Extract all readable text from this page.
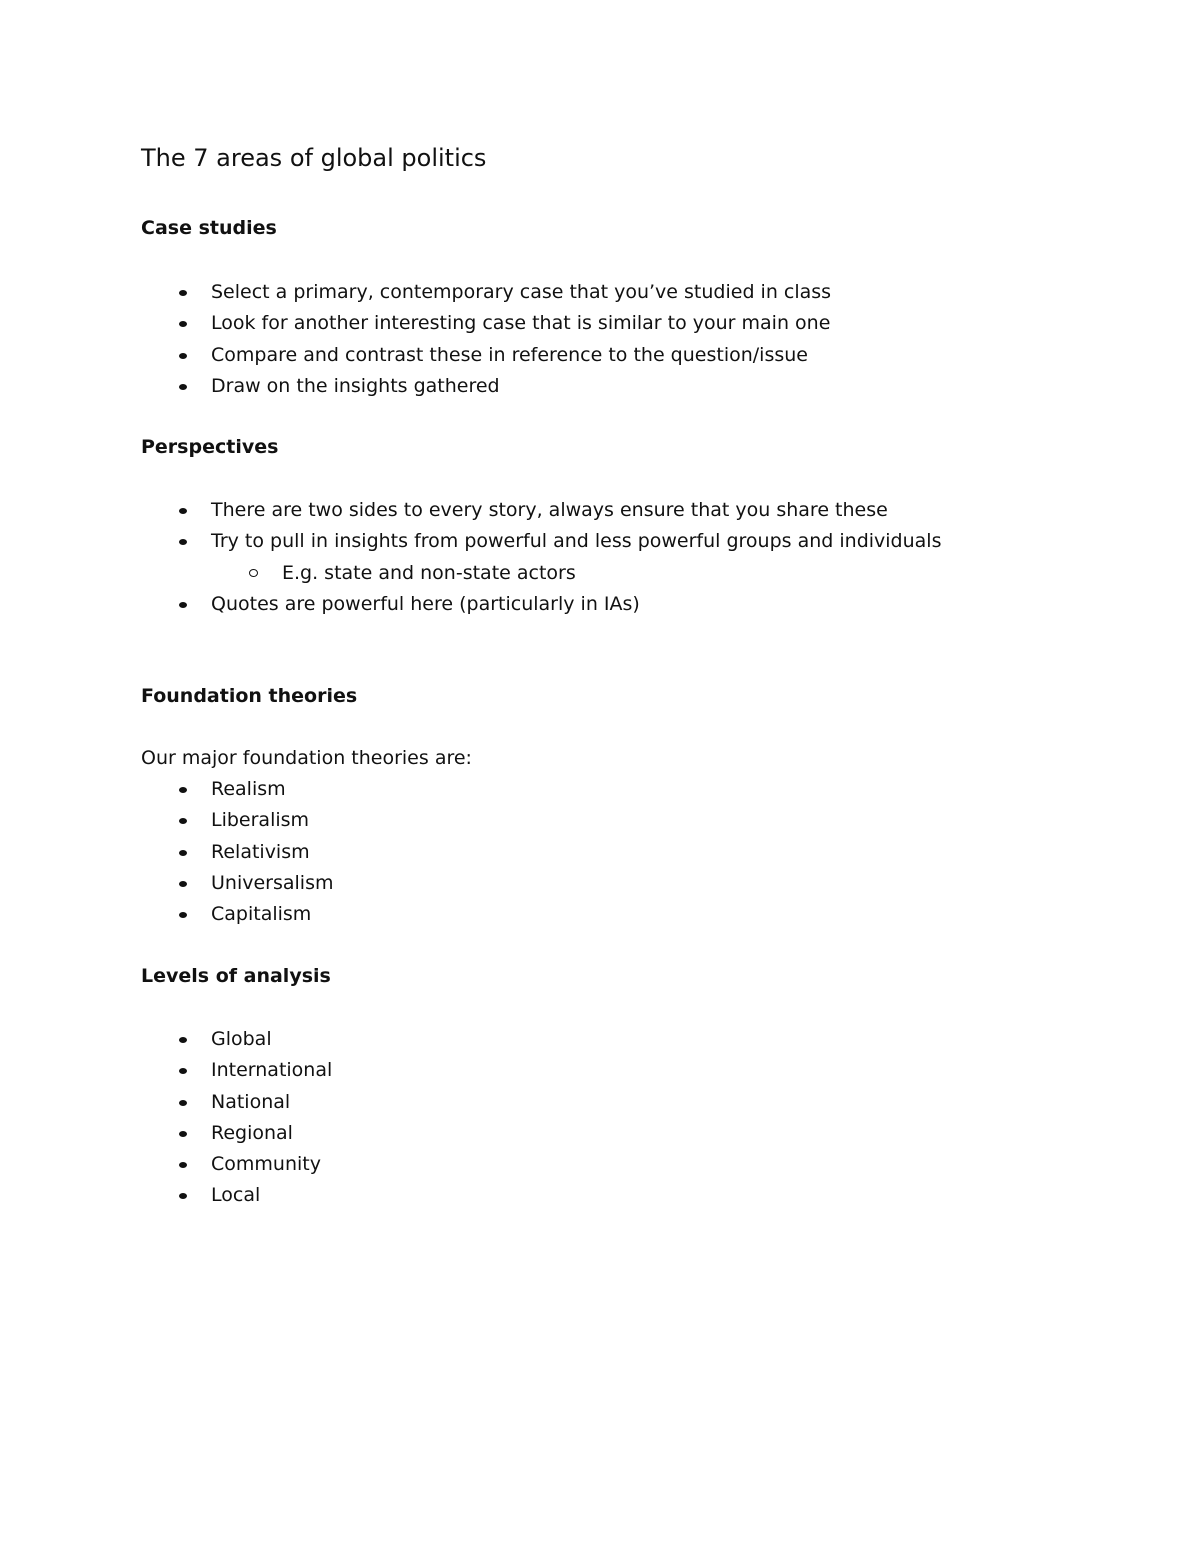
The 7 areas of global politics
Case studies
Select a primary, contemporary case that you’ve studied in class
Look for another interesting case that is similar to your main one
Compare and contrast these in reference to the question/issue
Draw on the insights gathered
Perspectives
There are two sides to every story, always ensure that you share these
Try to pull in insights from powerful and less powerful groups and individuals
E.g. state and non-state actors
Quotes are powerful here (particularly in IAs)
Foundation theories

Our major foundation theories are:

Realism
Liberalism
Relativism
Universalism
Capitalism
Levels of analysis
Global
International
National
Regional
Community
Local
